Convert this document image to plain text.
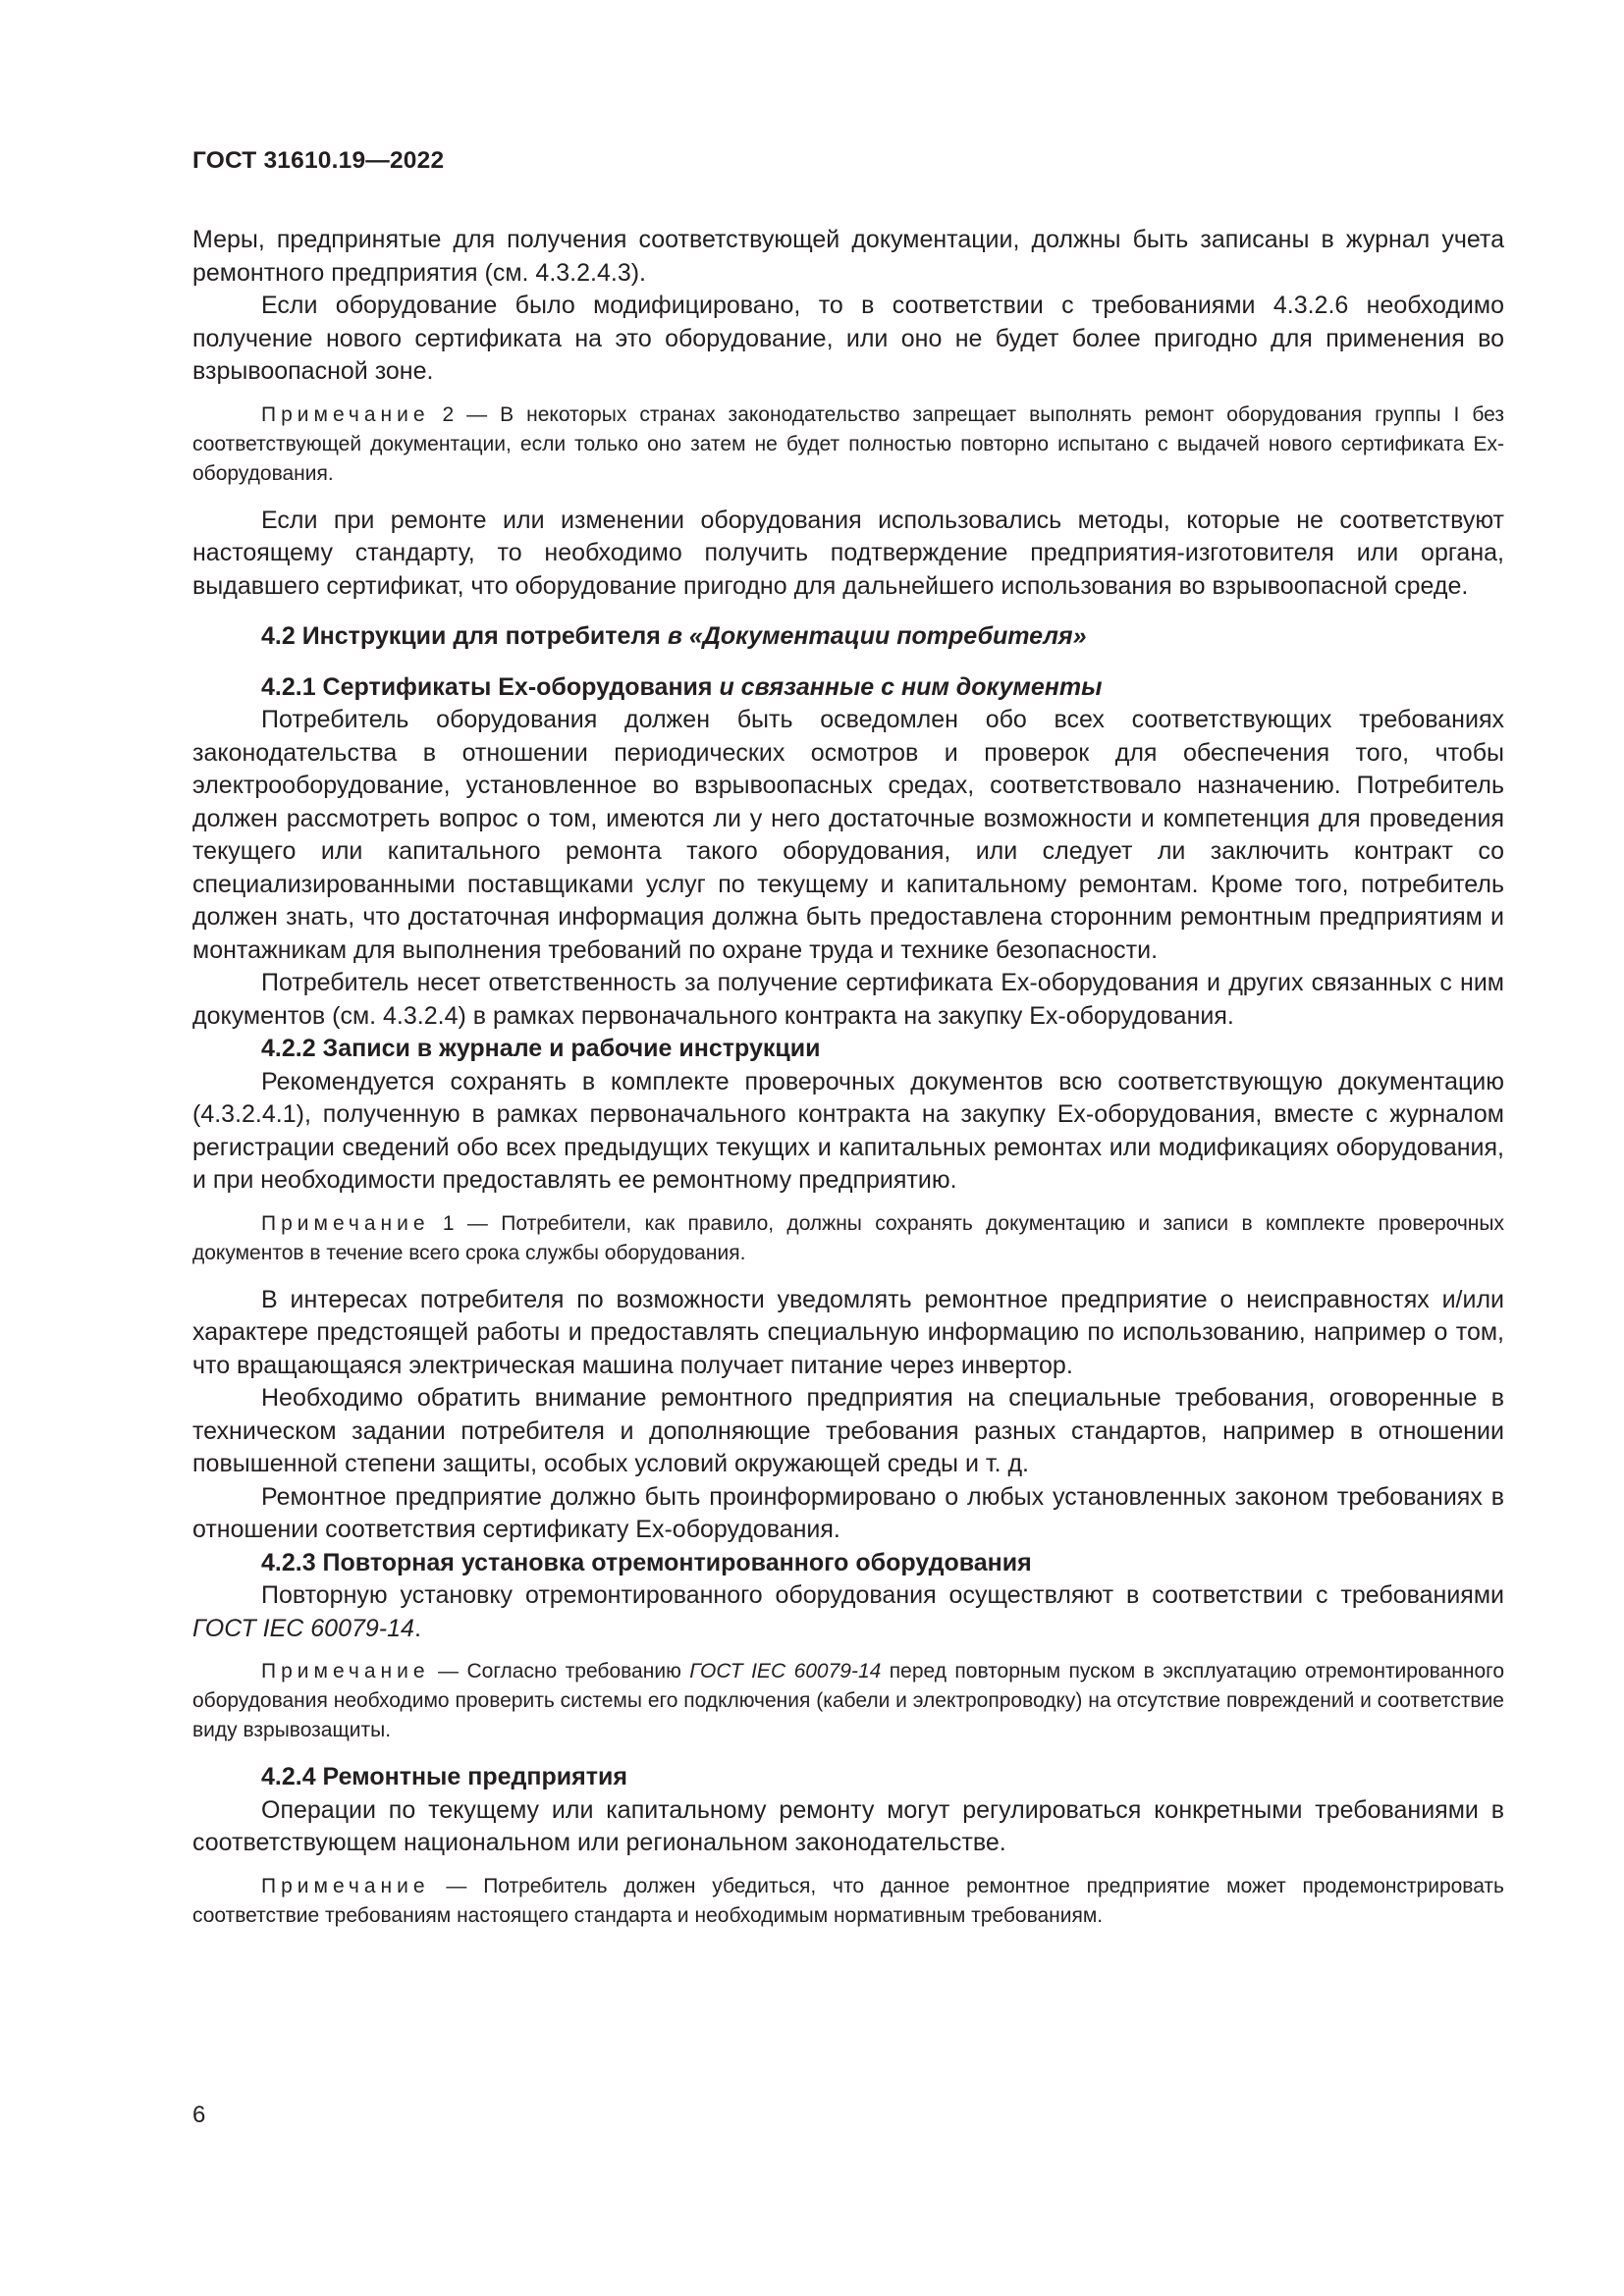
ГОСТ 31610.19—2022

Меры, предпринятые для получения соответствующей документации, должны быть записаны в журнал учета ремонтного предприятия (см. 4.3.2.4.3).

Если оборудование было модифицировано, то в соответствии с требованиями 4.3.2.6 необходимо получение нового сертификата на это оборудование, или оно не будет более пригодно для применения во взрывоопасной зоне.

Примечание 2 — В некоторых странах законодательство запрещает выполнять ремонт оборудования группы I без соответствующей документации, если только оно затем не будет полностью повторно испытано с выдачей нового сертификата Ex-оборудования.

Если при ремонте или изменении оборудования использовались методы, которые не соответствуют настоящему стандарту, то необходимо получить подтверждение предприятия-изготовителя или органа, выдавшего сертификат, что оборудование пригодно для дальнейшего использования во взрывоопасной среде.

4.2 Инструкции для потребителя в «Документации потребителя»

4.2.1 Сертификаты Ex-оборудования и связанные с ним документы

Потребитель оборудования должен быть осведомлен обо всех соответствующих требованиях законодательства в отношении периодических осмотров и проверок для обеспечения того, чтобы электрооборудование, установленное во взрывоопасных средах, соответствовало назначению. Потребитель должен рассмотреть вопрос о том, имеются ли у него достаточные возможности и компетенция для проведения текущего или капитального ремонта такого оборудования, или следует ли заключить контракт со специализированными поставщиками услуг по текущему и капитальному ремонтам. Кроме того, потребитель должен знать, что достаточная информация должна быть предоставлена сторонним ремонтным предприятиям и монтажникам для выполнения требований по охране труда и технике безопасности.

Потребитель несет ответственность за получение сертификата Ex-оборудования и других связанных с ним документов (см. 4.3.2.4) в рамках первоначального контракта на закупку Ex-оборудования.

4.2.2 Записи в журнале и рабочие инструкции

Рекомендуется сохранять в комплекте проверочных документов всю соответствующую документацию (4.3.2.4.1), полученную в рамках первоначального контракта на закупку Ex-оборудования, вместе с журналом регистрации сведений обо всех предыдущих текущих и капитальных ремонтах или модификациях оборудования, и при необходимости предоставлять ее ремонтному предприятию.

Примечание 1 — Потребители, как правило, должны сохранять документацию и записи в комплекте проверочных документов в течение всего срока службы оборудования.

В интересах потребителя по возможности уведомлять ремонтное предприятие о неисправностях и/или характере предстоящей работы и предоставлять специальную информацию по использованию, например о том, что вращающаяся электрическая машина получает питание через инвертор.

Необходимо обратить внимание ремонтного предприятия на специальные требования, оговоренные в техническом задании потребителя и дополняющие требования разных стандартов, например в отношении повышенной степени защиты, особых условий окружающей среды и т. д.

Ремонтное предприятие должно быть проинформировано о любых установленных законом требованиях в отношении соответствия сертификату Ex-оборудования.

4.2.3 Повторная установка отремонтированного оборудования

Повторную установку отремонтированного оборудования осуществляют в соответствии с требованиями ГОСТ IEC 60079-14.

Примечание — Согласно требованию ГОСТ IEC 60079-14 перед повторным пуском в эксплуатацию отремонтированного оборудования необходимо проверить системы его подключения (кабели и электропроводку) на отсутствие повреждений и соответствие виду взрывозащиты.

4.2.4 Ремонтные предприятия

Операции по текущему или капитальному ремонту могут регулироваться конкретными требованиями в соответствующем национальном или региональном законодательстве.

Примечание — Потребитель должен убедиться, что данное ремонтное предприятие может продемонстрировать соответствие требованиям настоящего стандарта и необходимым нормативным требованиям.

6
